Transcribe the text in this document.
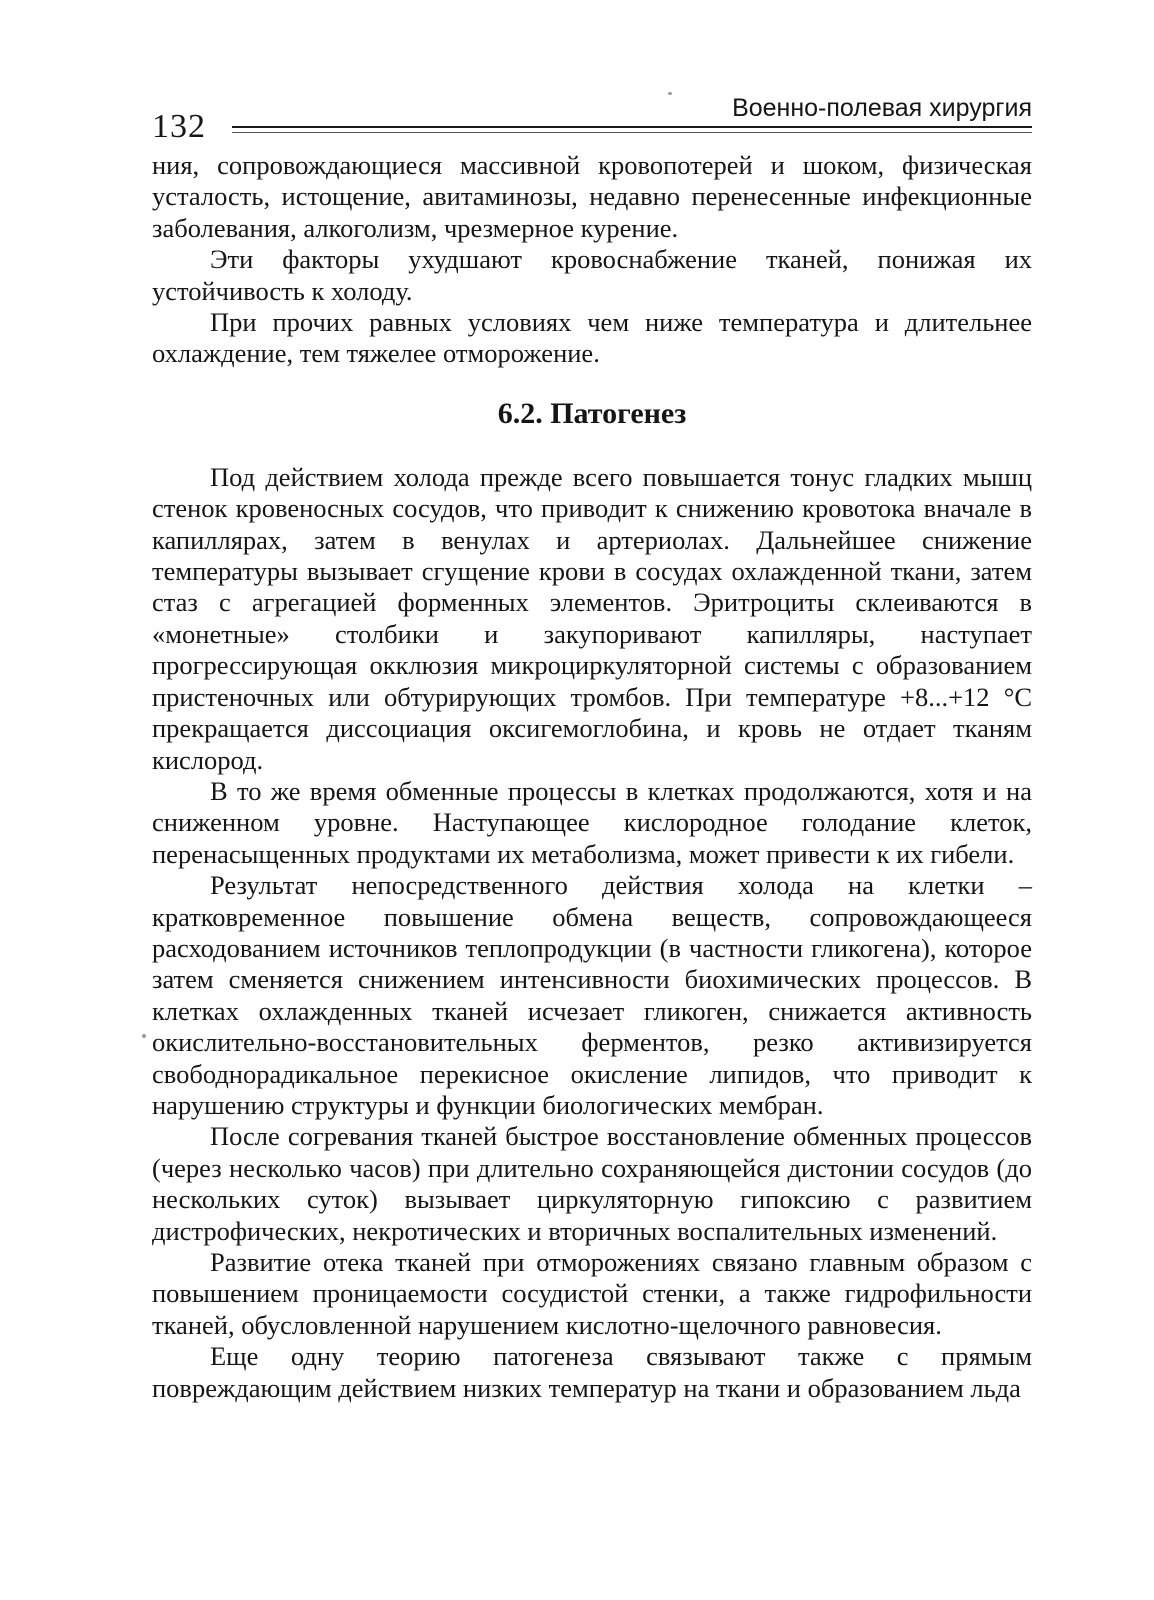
132	Военно-полевая хирургия

ния, сопровождающиеся массивной кровопотерей и шоком, физическая усталость, истощение, авитаминозы, недавно перенесенные инфекционные заболевания, алкоголизм, чрезмерное курение.

Эти факторы ухудшают кровоснабжение тканей, понижая их устойчивость к холоду.

При прочих равных условиях чем ниже температура и длительнее охлаждение, тем тяжелее отморожение.

6.2. Патогенез

Под действием холода прежде всего повышается тонус гладких мышц стенок кровеносных сосудов, что приводит к снижению кровотока вначале в капиллярах, затем в венулах и артериолах. Дальнейшее снижение температуры вызывает сгущение крови в сосудах охлажденной ткани, затем стаз с агрегацией форменных элементов. Эритроциты склеиваются в «монетные» столбики и закупоривают капилляры, наступает прогрессирующая окклюзия микроциркуляторной системы с образованием пристеночных или обтурирующих тромбов. При температуре +8...+12 °С прекращается диссоциация оксигемоглобина, и кровь не отдает тканям кислород.

В то же время обменные процессы в клетках продолжаются, хотя и на сниженном уровне. Наступающее кислородное голодание клеток, перенасыщенных продуктами их метаболизма, может привести к их гибели.

Результат непосредственного действия холода на клетки – кратковременное повышение обмена веществ, сопровождающееся расходованием источников теплопродукции (в частности гликогена), которое затем сменяется снижением интенсивности биохимических процессов. В клетках охлажденных тканей исчезает гликоген, снижается активность окислительно-восстановительных ферментов, резко активизируется свободнорадикальное перекисное окисление липидов, что приводит к нарушению структуры и функции биологических мембран.

После согревания тканей быстрое восстановление обменных процессов (через несколько часов) при длительно сохраняющейся дистонии сосудов (до нескольких суток) вызывает циркуляторную гипоксию с развитием дистрофических, некротических и вторичных воспалительных изменений.

Развитие отека тканей при отморожениях связано главным образом с повышением проницаемости сосудистой стенки, а также гидрофильности тканей, обусловленной нарушением кислотно-щелочного равновесия.

Еще одну теорию патогенеза связывают также с прямым повреждающим действием низких температур на ткани и образованием льда
